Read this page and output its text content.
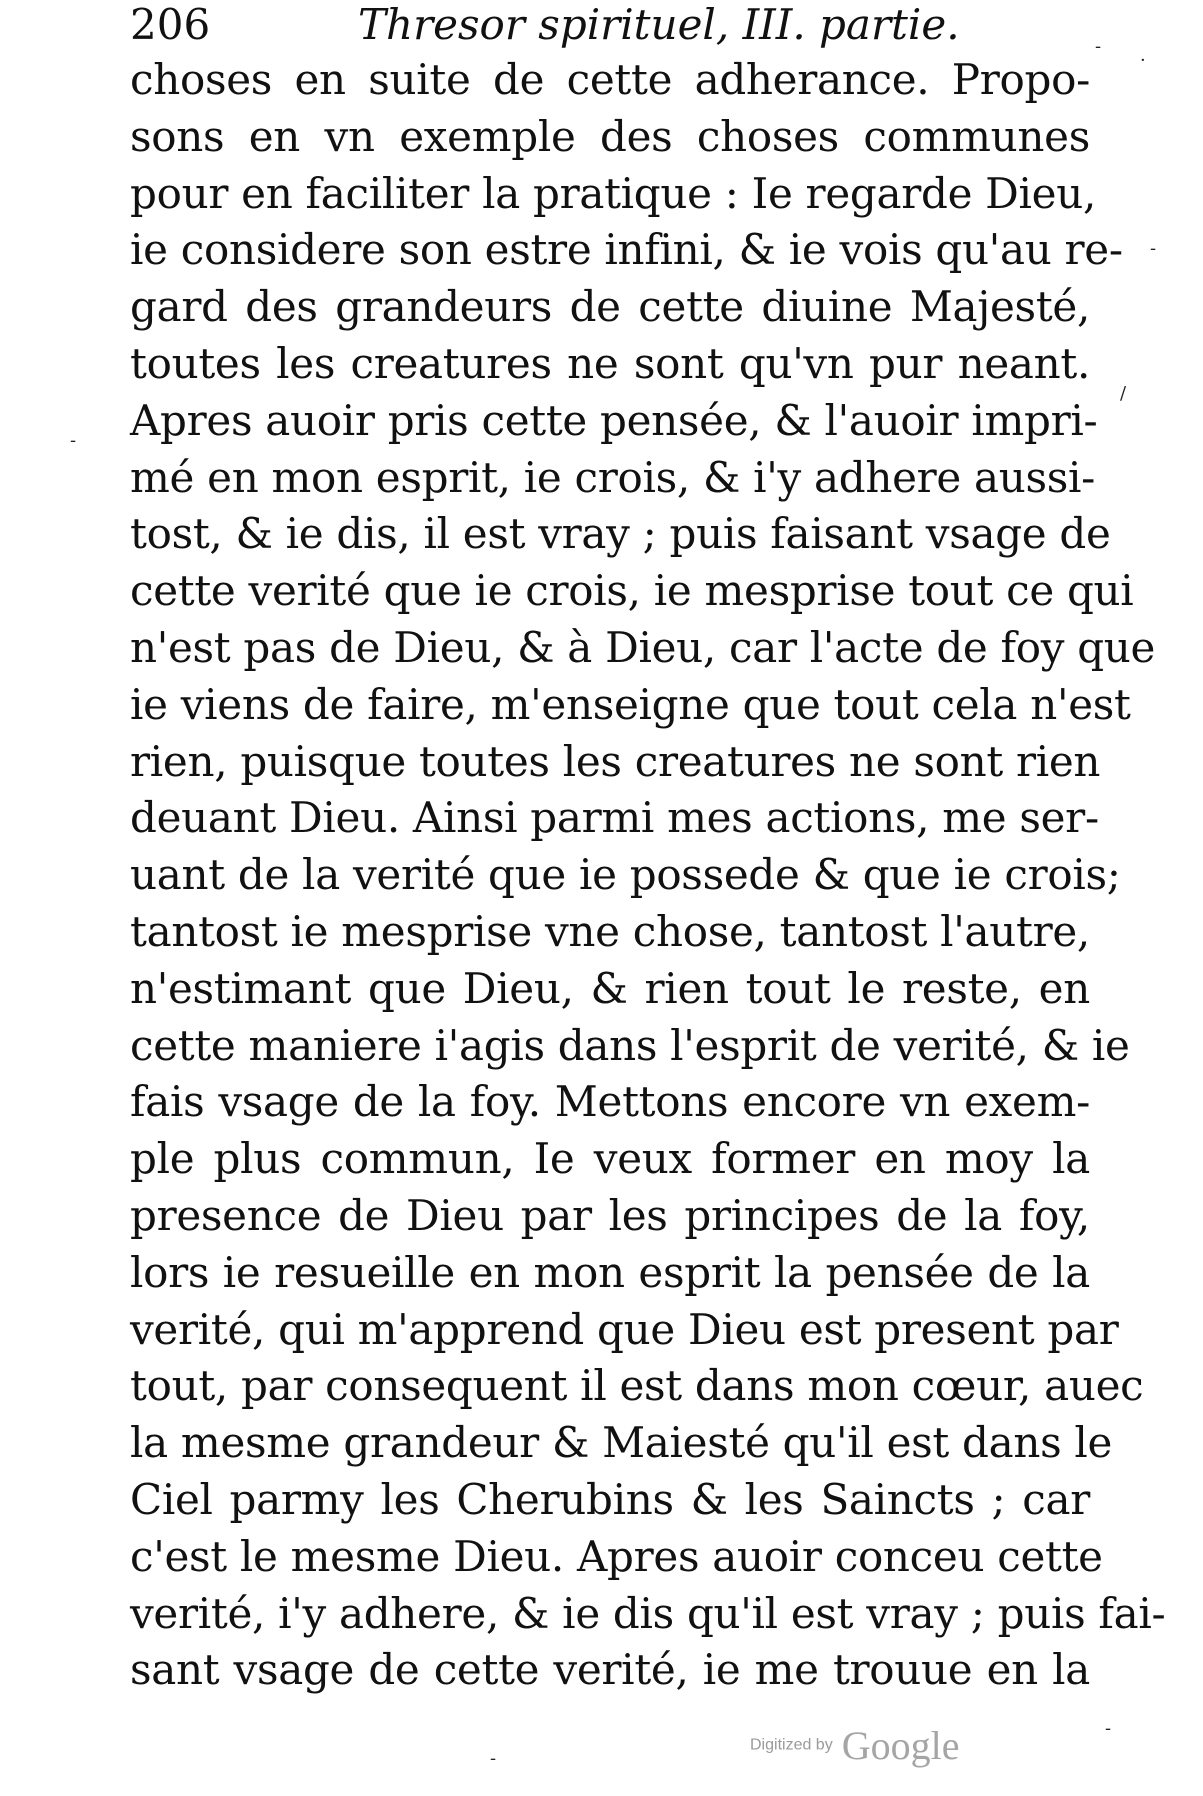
206	Thresor spirituel, III. partie.
choses en suite de cette adherance. Propo-
sons en vn exemple des choses communes
pour en faciliter la pratique : Ie regarde Dieu,
ie considere son estre infini, & ie vois qu'au re-
gard des grandeurs de cette diuine Majesté,
toutes les creatures ne sont qu'vn pur neant.
Apres auoir pris cette pensée, & l'auoir impri-
mé en mon esprit, ie crois, & i'y adhere aussi-
tost, & ie dis, il est vray ; puis faisant vsage de
cette verité que ie crois, ie mesprise tout ce qui
n'est pas de Dieu, & à Dieu, car l'acte de foy que
ie viens de faire, m'enseigne que tout cela n'est
rien, puisque toutes les creatures ne sont rien
deuant Dieu. Ainsi parmi mes actions, me ser-
uant de la verité que ie possede & que ie crois;
tantost ie mesprise vne chose, tantost l'autre,
n'estimant que Dieu, & rien tout le reste, en
cette maniere i'agis dans l'esprit de verité, & ie
fais vsage de la foy. Mettons encore vn exem-
ple plus commun, Ie veux former en moy la
presence de Dieu par les principes de la foy,
lors ie resueille en mon esprit la pensée de la
verité, qui m'apprend que Dieu est present par
tout, par consequent il est dans mon cœur, auec
la mesme grandeur & Maiesté qu'il est dans le
Ciel parmy les Cherubins & les Saincts ; car
c'est le mesme Dieu. Apres auoir conceu cette
verité, i'y adhere, & ie dis qu'il est vray ; puis fai-
sant vsage de cette verité, ie me trouue en la
-
·
-
-
/
-
-
Digitized by Google
